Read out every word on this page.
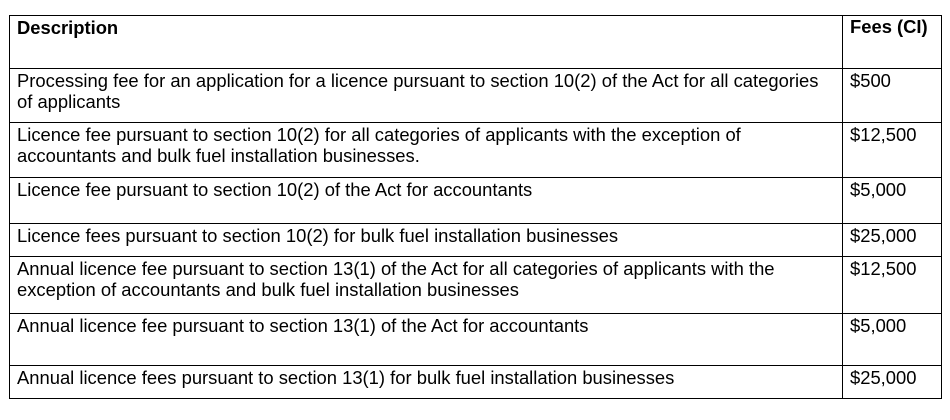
Description	Fees (CI)

Processing fee for an application for a licence pursuant to section 10(2) of the Act for all categories of applicants	$500
Licence fee pursuant to section 10(2) for all categories of applicants with the exception of accountants and bulk fuel installation businesses.	$12,500
Licence fee pursuant to section 10(2) of the Act for accountants	$5,000
Licence fees pursuant to section 10(2) for bulk fuel installation businesses	$25,000
Annual licence fee pursuant to section 13(1) of the Act for all categories of applicants with the exception of accountants and bulk fuel installation businesses	$12,500
Annual licence fee pursuant to section 13(1) of the Act for accountants	$5,000
Annual licence fees pursuant to section 13(1) for bulk fuel installation businesses	$25,000
